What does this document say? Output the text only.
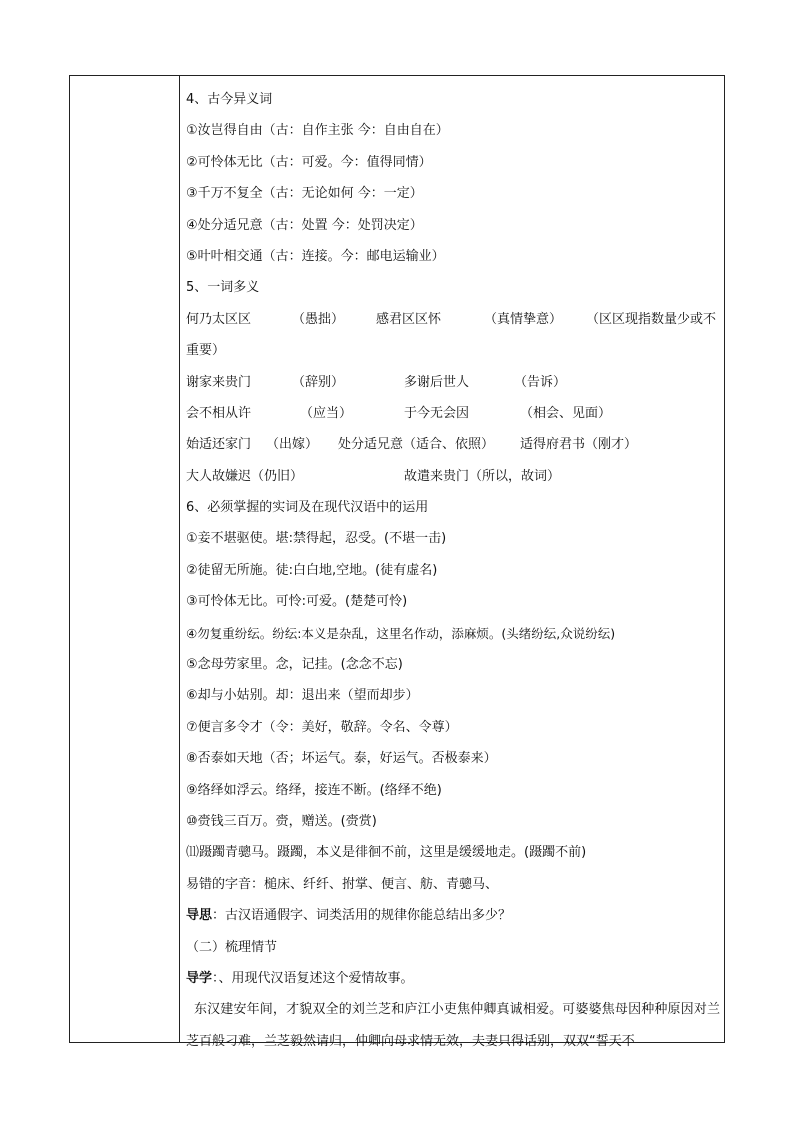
4、古今异义词
①汝岂得自由（古：自作主张 今：自由自在）
②可怜体无比（古：可爱。今：值得同情）
③千万不复全（古：无论如何 今：一定）
④处分适兄意（古：处置 今：处罚决定）
⑤叶叶相交通（古：连接。今：邮电运输业）
5、一词多义
何乃太区区	（愚拙）	感君区区怀	（真情挚意）	（区区现指数量少或不
重要）
谢家来贵门	（辞别）	多谢后世人	（告诉）
会不相从许	（应当）	于今无会因	（相会、见面）
始适还家门	（出嫁）	处分适兄意（适合、依照）	适得府君书（刚才）
大人故嫌迟（仍旧）	故遣来贵门（所以，故词）
6、必须掌握的实词及在现代汉语中的运用
①妾不堪驱使。堪:禁得起，忍受。(不堪一击)
②徒留无所施。徒:白白地,空地。(徒有虚名)
③可怜体无比。可怜:可爱。(楚楚可怜)
④勿复重纷纭。纷纭:本义是杂乱，这里名作动，添麻烦。(头绪纷纭,众说纷纭)
⑤念母劳家里。念，记挂。(念念不忘)
⑥却与小姑别。却：退出来（望而却步）
⑦便言多令才（令：美好，敬辞。令名、令尊）
⑧否泰如天地（否；坏运气。泰，好运气。否极泰来）
⑨络绎如浮云。络绎，接连不断。(络绎不绝)
⑩赍钱三百万。赍，赠送。(赍赏)
⑾蹑躅青骢马。蹑躅，本义是徘徊不前，这里是缓缓地走。(蹑躅不前)
易错的字音：槌床、纤纤、拊掌、便言、舫、青骢马、
导思：古汉语通假字、词类活用的规律你能总结出多少？
（二）梳理情节
导学：、用现代汉语复述这个爱情故事。
东汉建安年间，才貌双全的刘兰芝和庐江小吏焦仲卿真诚相爱。可婆婆焦母因种种原因对兰芝百般刁难，兰芝毅然请归，仲卿向母求情无效，夫妻只得话别，双双“誓天不
